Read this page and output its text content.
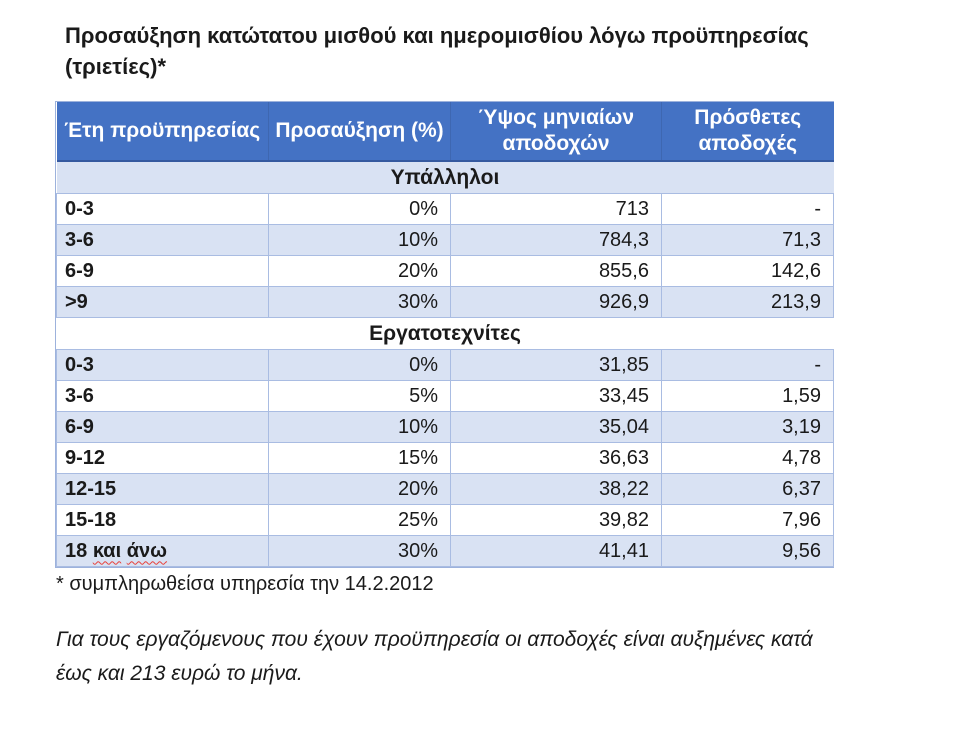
Προσαύξηση κατώτατου μισθού και ημερομισθίου λόγω προϋπηρεσίας (τριετίες)*
Έτη προϋπηρεσίας	Προσαύξηση (%)	Ύψος μηνιαίων αποδοχών	Πρόσθετες αποδοχές
Υπάλληλοι			
0-3	0%	713	-
3-6	10%	784,3	71,3
6-9	20%	855,6	142,6
>9	30%	926,9	213,9
Εργατοτεχνίτες			
0-3	0%	31,85	-
3-6	5%	33,45	1,59
6-9	10%	35,04	3,19
9-12	15%	36,63	4,78
12-15	20%	38,22	6,37
15-18	25%	39,82	7,96
18 και άνω	30%	41,41	9,56
* συμπληρωθείσα υπηρεσία την 14.2.2012
Για τους εργαζόμενους που έχουν προϋπηρεσία οι αποδοχές είναι αυξημένες κατά
έως και 213 ευρώ το μήνα.
